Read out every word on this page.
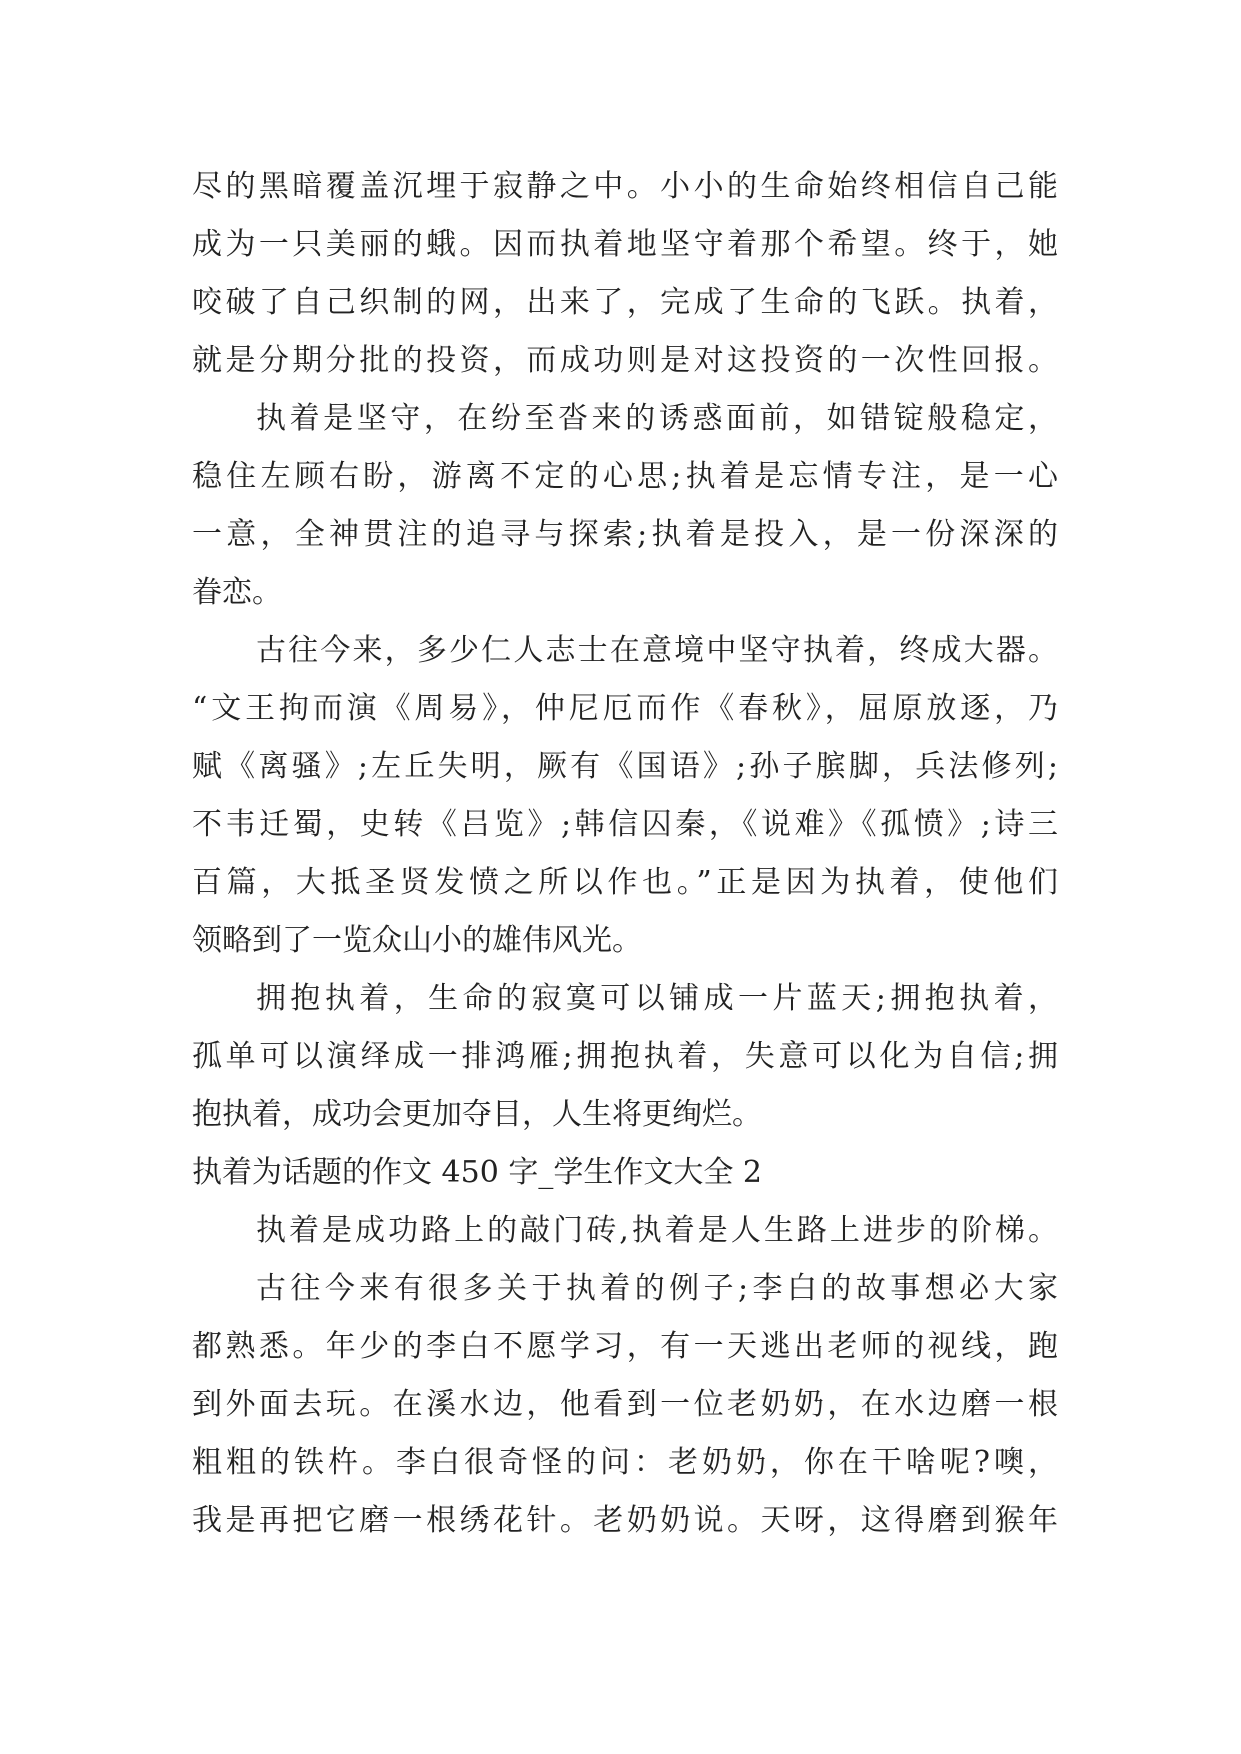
尽的黑暗覆盖沉埋于寂静之中。小小的生命始终相信自己能
成为一只美丽的蛾。因而执着地坚守着那个希望。终于，她
咬破了自己织制的网，出来了，完成了生命的飞跃。执着，
就是分期分批的投资，而成功则是对这投资的一次性回报。
执着是坚守，在纷至沓来的诱惑面前，如错锭般稳定，
稳住左顾右盼，游离不定的心思;执着是忘情专注，是一心
一意，全神贯注的追寻与探索;执着是投入，是一份深深的
眷恋。
古往今来，多少仁人志士在意境中坚守执着，终成大器。
“文王拘而演《周易》，仲尼厄而作《春秋》，屈原放逐，乃
赋《离骚》;左丘失明，厥有《国语》;孙子膑脚，兵法修列;
不韦迁蜀，史转《吕览》;韩信囚秦，《说难》《孤愤》;诗三
百篇，大抵圣贤发愤之所以作也。”正是因为执着，使他们
领略到了一览众山小的雄伟风光。
拥抱执着，生命的寂寞可以铺成一片蓝天;拥抱执着，
孤单可以演绎成一排鸿雁;拥抱执着，失意可以化为自信;拥
抱执着，成功会更加夺目，人生将更绚烂。
执着为话题的作文 450 字_学生作文大全 2
执着是成功路上的敲门砖,执着是人生路上进步的阶梯。
古往今来有很多关于执着的例子;李白的故事想必大家
都熟悉。年少的李白不愿学习，有一天逃出老师的视线，跑
到外面去玩。在溪水边，他看到一位老奶奶，在水边磨一根
粗粗的铁杵。李白很奇怪的问：老奶奶，你在干啥呢?噢，
我是再把它磨一根绣花针。老奶奶说。天呀，这得磨到猴年
